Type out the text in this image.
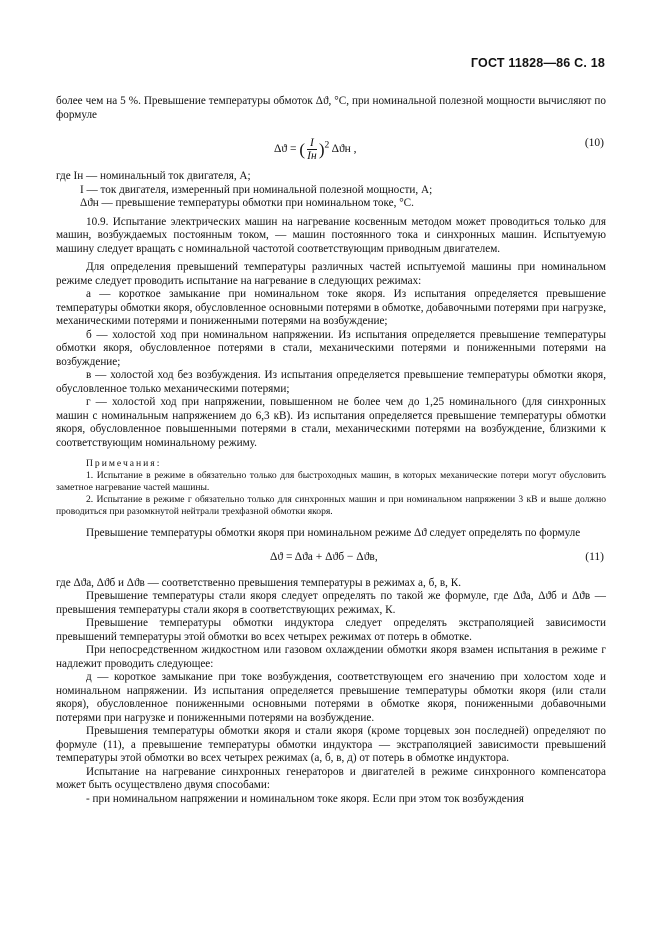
ГОСТ 11828—86 С. 18

более чем на 5 %. Превышение температуры обмоток Δϑ, °С, при номинальной полезной мощности вычисляют по формуле

Δϑ = ( $\frac{I}{Iн} )^2$ Δϑн ,
(10)

где Iн — номинальный ток двигателя, А;

I — ток двигателя, измеренный при номинальной полезной мощности, А;

Δϑн — превышение температуры обмотки при номинальном токе, °С.

10.9. Испытание электрических машин на нагревание косвенным методом может проводиться только для машин, возбуждаемых постоянным током, — машин постоянного тока и синхронных машин. Испытуемую машину следует вращать с номинальной частотой соответствующим приводным двигателем.

Для определения превышений температуры различных частей испытуемой машины при номинальном режиме следует проводить испытание на нагревание в следующих режимах:

а — короткое замыкание при номинальном токе якоря. Из испытания определяется превышение температуры обмотки якоря, обусловленное основными потерями в обмотке, добавочными потерями при нагрузке, механическими потерями и пониженными потерями на возбуждение;

б — холостой ход при номинальном напряжении. Из испытания определяется превышение температуры обмотки якоря, обусловленное потерями в стали, механическими потерями и пониженными потерями на возбуждение;

в — холостой ход без возбуждения. Из испытания определяется превышение температуры обмотки якоря, обусловленное только механическими потерями;

г — холостой ход при напряжении, повышенном не более чем до 1,25 номинального (для синхронных машин с номинальным напряжением до 6,3 кВ). Из испытания определяется превышение температуры обмотки якоря, обусловленное повышенными потерями в стали, механическими потерями на возбуждение, близкими к соответствующим номинальному режиму.

Примечания:

1. Испытание в режиме в обязательно только для быстроходных машин, в которых механические потери могут обусловить заметное нагревание частей машины.

2. Испытание в режиме г обязательно только для синхронных машин и при номинальном напряжении 3 кВ и выше должно проводиться при разомкнутой нейтрали трехфазной обмотки якоря.

Превышение температуры обмотки якоря при номинальном режиме Δϑ следует определять по формуле

Δϑ = Δϑа + Δϑб − Δϑв,	(11)

где Δϑа, Δϑб и Δϑв — соответственно превышения температуры в режимах а, б, в, К.

Превышение температуры стали якоря следует определять по такой же формуле, где Δϑа, Δϑб и Δϑв — превышения температуры стали якоря в соответствующих режимах, К.

Превышение температуры обмотки индуктора следует определять экстраполяцией зависимости превышений температуры этой обмотки во всех четырех режимах от потерь в обмотке.

При непосредственном жидкостном или газовом охлаждении обмотки якоря взамен испытания в режиме г надлежит проводить следующее:

д — короткое замыкание при токе возбуждения, соответствующем его значению при холостом ходе и номинальном напряжении. Из испытания определяется превышение температуры обмотки якоря (или стали якоря), обусловленное пониженными основными потерями в обмотке якоря, пониженными добавочными потерями при нагрузке и пониженными потерями на возбуждение.

Превышения температуры обмотки якоря и стали якоря (кроме торцевых зон последней) определяют по формуле (11), а превышение температуры обмотки индуктора — экстраполяцией зависимости превышений температуры этой обмотки во всех четырех режимах (а, б, в, д) от потерь в обмотке индуктора.

Испытание на нагревание синхронных генераторов и двигателей в режиме синхронного компенсатора может быть осуществлено двумя способами:

- при номинальном напряжении и номинальном токе якоря. Если при этом ток возбуждения
